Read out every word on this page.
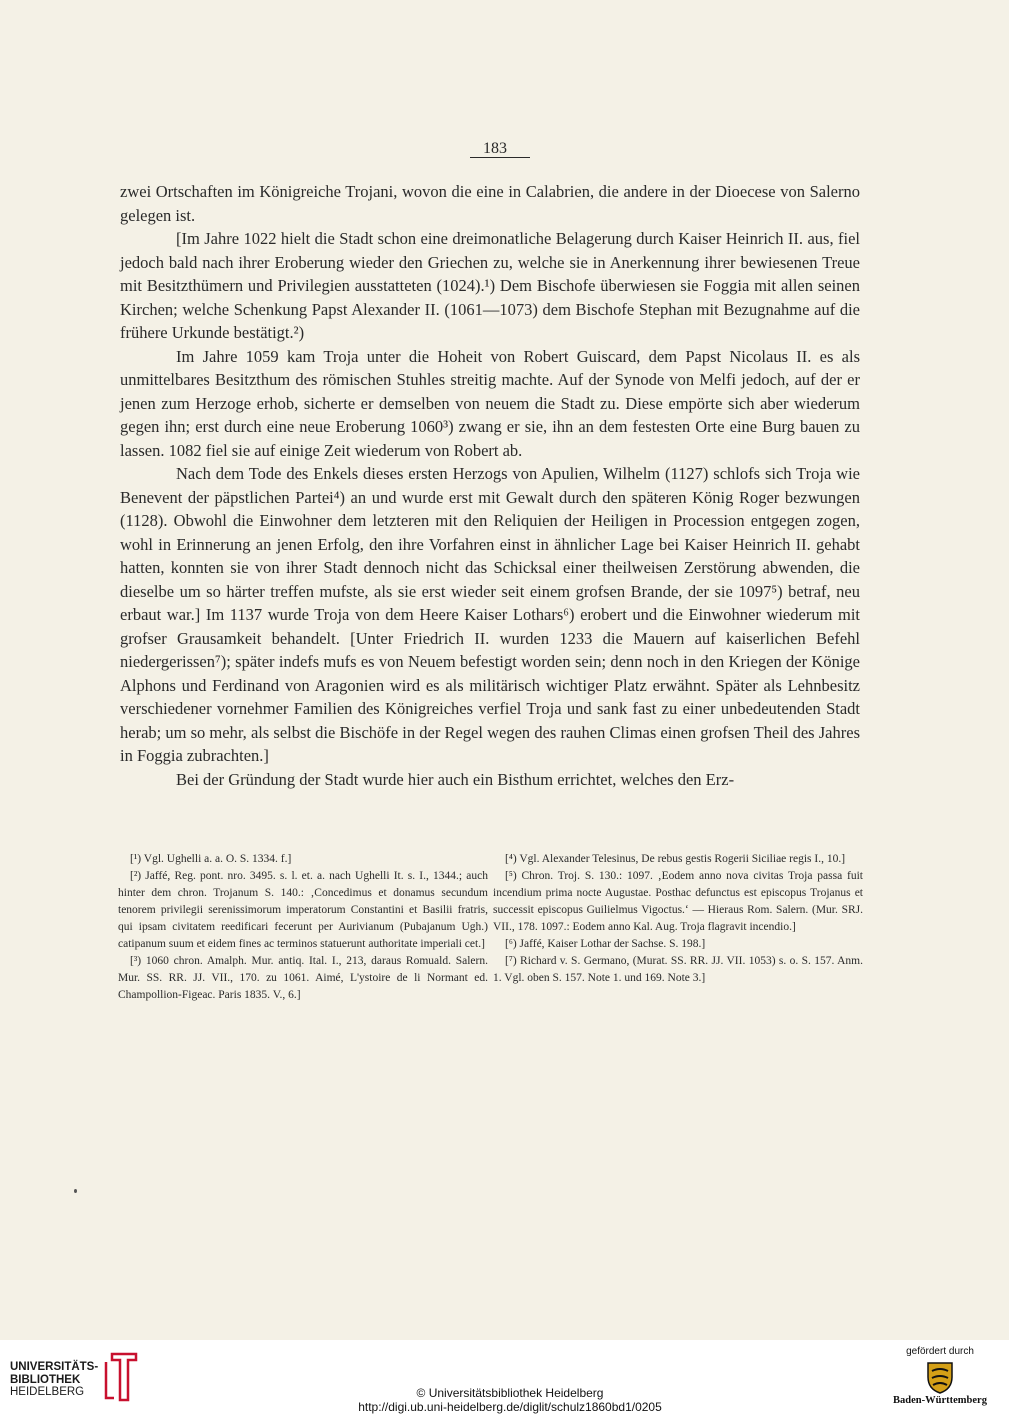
183

zwei Ortschaften im Königreiche Trojani, wovon die eine in Calabrien, die andere in der Dioecese von Salerno gelegen ist.

[Im Jahre 1022 hielt die Stadt schon eine dreimonatliche Belagerung durch Kaiser Heinrich II. aus, fiel jedoch bald nach ihrer Eroberung wieder den Griechen zu, welche sie in Anerkennung ihrer bewiesenen Treue mit Besitzthümern und Privilegien ausstatteten (1024).¹) Dem Bischofe überwiesen sie Foggia mit allen seinen Kirchen; welche Schenkung Papst Alexander II. (1061—1073) dem Bischofe Stephan mit Bezugnahme auf die frühere Urkunde bestätigt.²)

Im Jahre 1059 kam Troja unter die Hoheit von Robert Guiscard, dem Papst Nicolaus II. es als unmittelbares Besitzthum des römischen Stuhles streitig machte. Auf der Synode von Melfi jedoch, auf der er jenen zum Herzoge erhob, sicherte er demselben von neuem die Stadt zu. Diese empörte sich aber wiederum gegen ihn; erst durch eine neue Eroberung 1060³) zwang er sie, ihn an dem festesten Orte eine Burg bauen zu lassen. 1082 fiel sie auf einige Zeit wiederum von Robert ab.

Nach dem Tode des Enkels dieses ersten Herzogs von Apulien, Wilhelm (1127) schlofs sich Troja wie Benevent der päpstlichen Partei⁴) an und wurde erst mit Gewalt durch den späteren König Roger bezwungen (1128). Obwohl die Einwohner dem letzteren mit den Reliquien der Heiligen in Procession entgegen zogen, wohl in Erinnerung an jenen Erfolg, den ihre Vorfahren einst in ähnlicher Lage bei Kaiser Heinrich II. gehabt hatten, konnten sie von ihrer Stadt dennoch nicht das Schicksal einer theilweisen Zerstörung abwenden, die dieselbe um so härter treffen mufste, als sie erst wieder seit einem grofsen Brande, der sie 1097⁵) betraf, neu erbaut war.] Im 1137 wurde Troja von dem Heere Kaiser Lothars⁶) erobert und die Einwohner wiederum mit grofser Grausamkeit behandelt. [Unter Friedrich II. wurden 1233 die Mauern auf kaiserlichen Befehl niedergerissen⁷); später indefs mufs es von Neuem befestigt worden sein; denn noch in den Kriegen der Könige Alphons und Ferdinand von Aragonien wird es als militärisch wichtiger Platz erwähnt. Später als Lehnbesitz verschiedener vornehmer Familien des Königreiches verfiel Troja und sank fast zu einer unbedeutenden Stadt herab; um so mehr, als selbst die Bischöfe in der Regel wegen des rauhen Climas einen grofsen Theil des Jahres in Foggia zubrachten.]

Bei der Gründung der Stadt wurde hier auch ein Bisthum errichtet, welches den Erz-

[¹) Vgl. Ughelli a. a. O. S. 1334. f.]

[²) Jaffé, Reg. pont. nro. 3495. s. l. et. a. nach Ughelli It. s. I., 1344.; auch hinter dem chron. Trojanum S. 140.: ‚Concedimus et donamus secundum tenorem privilegii serenissimorum imperatorum Constantini et Basilii fratris, qui ipsam civitatem reedificari fecerunt per Aurivianum (Pubajanum Ugh.) catipanum suum et eidem fines ac terminos statuerunt authoritate imperiali cet.]

[³) 1060 chron. Amalph. Mur. antiq. Ital. I., 213, daraus Romuald. Salern. Mur. SS. RR. JJ. VII., 170. zu 1061. Aimé, L'ystoire de li Normant ed. Champollion-Figeac. Paris 1835. V., 6.]

[⁴) Vgl. Alexander Telesinus, De rebus gestis Rogerii Siciliae regis I., 10.]

[⁵) Chron. Troj. S. 130.: 1097. ‚Eodem anno nova civitas Troja passa fuit incendium prima nocte Augustae. Posthac defunctus est episcopus Trojanus et successit episcopus Guilielmus Vigoctus.‘ — Hieraus Rom. Salern. (Mur. SRJ. VII., 178. 1097.: Eodem anno Kal. Aug. Troja flagravit incendio.]

[⁶) Jaffé, Kaiser Lothar der Sachse. S. 198.]

[⁷) Richard v. S. Germano, (Murat. SS. RR. JJ. VII. 1053) s. o. S. 157. Anm. 1. Vgl. oben S. 157. Note 1. und 169. Note 3.]

UNIVERSITÄTS-
BIBLIOTHEK
HEIDELBERG	© Universitätsbibliothek Heidelberg
http://digi.ub.uni-heidelberg.de/diglit/schulz1860bd1/0205
gefördert durch
Baden-Württemberg
